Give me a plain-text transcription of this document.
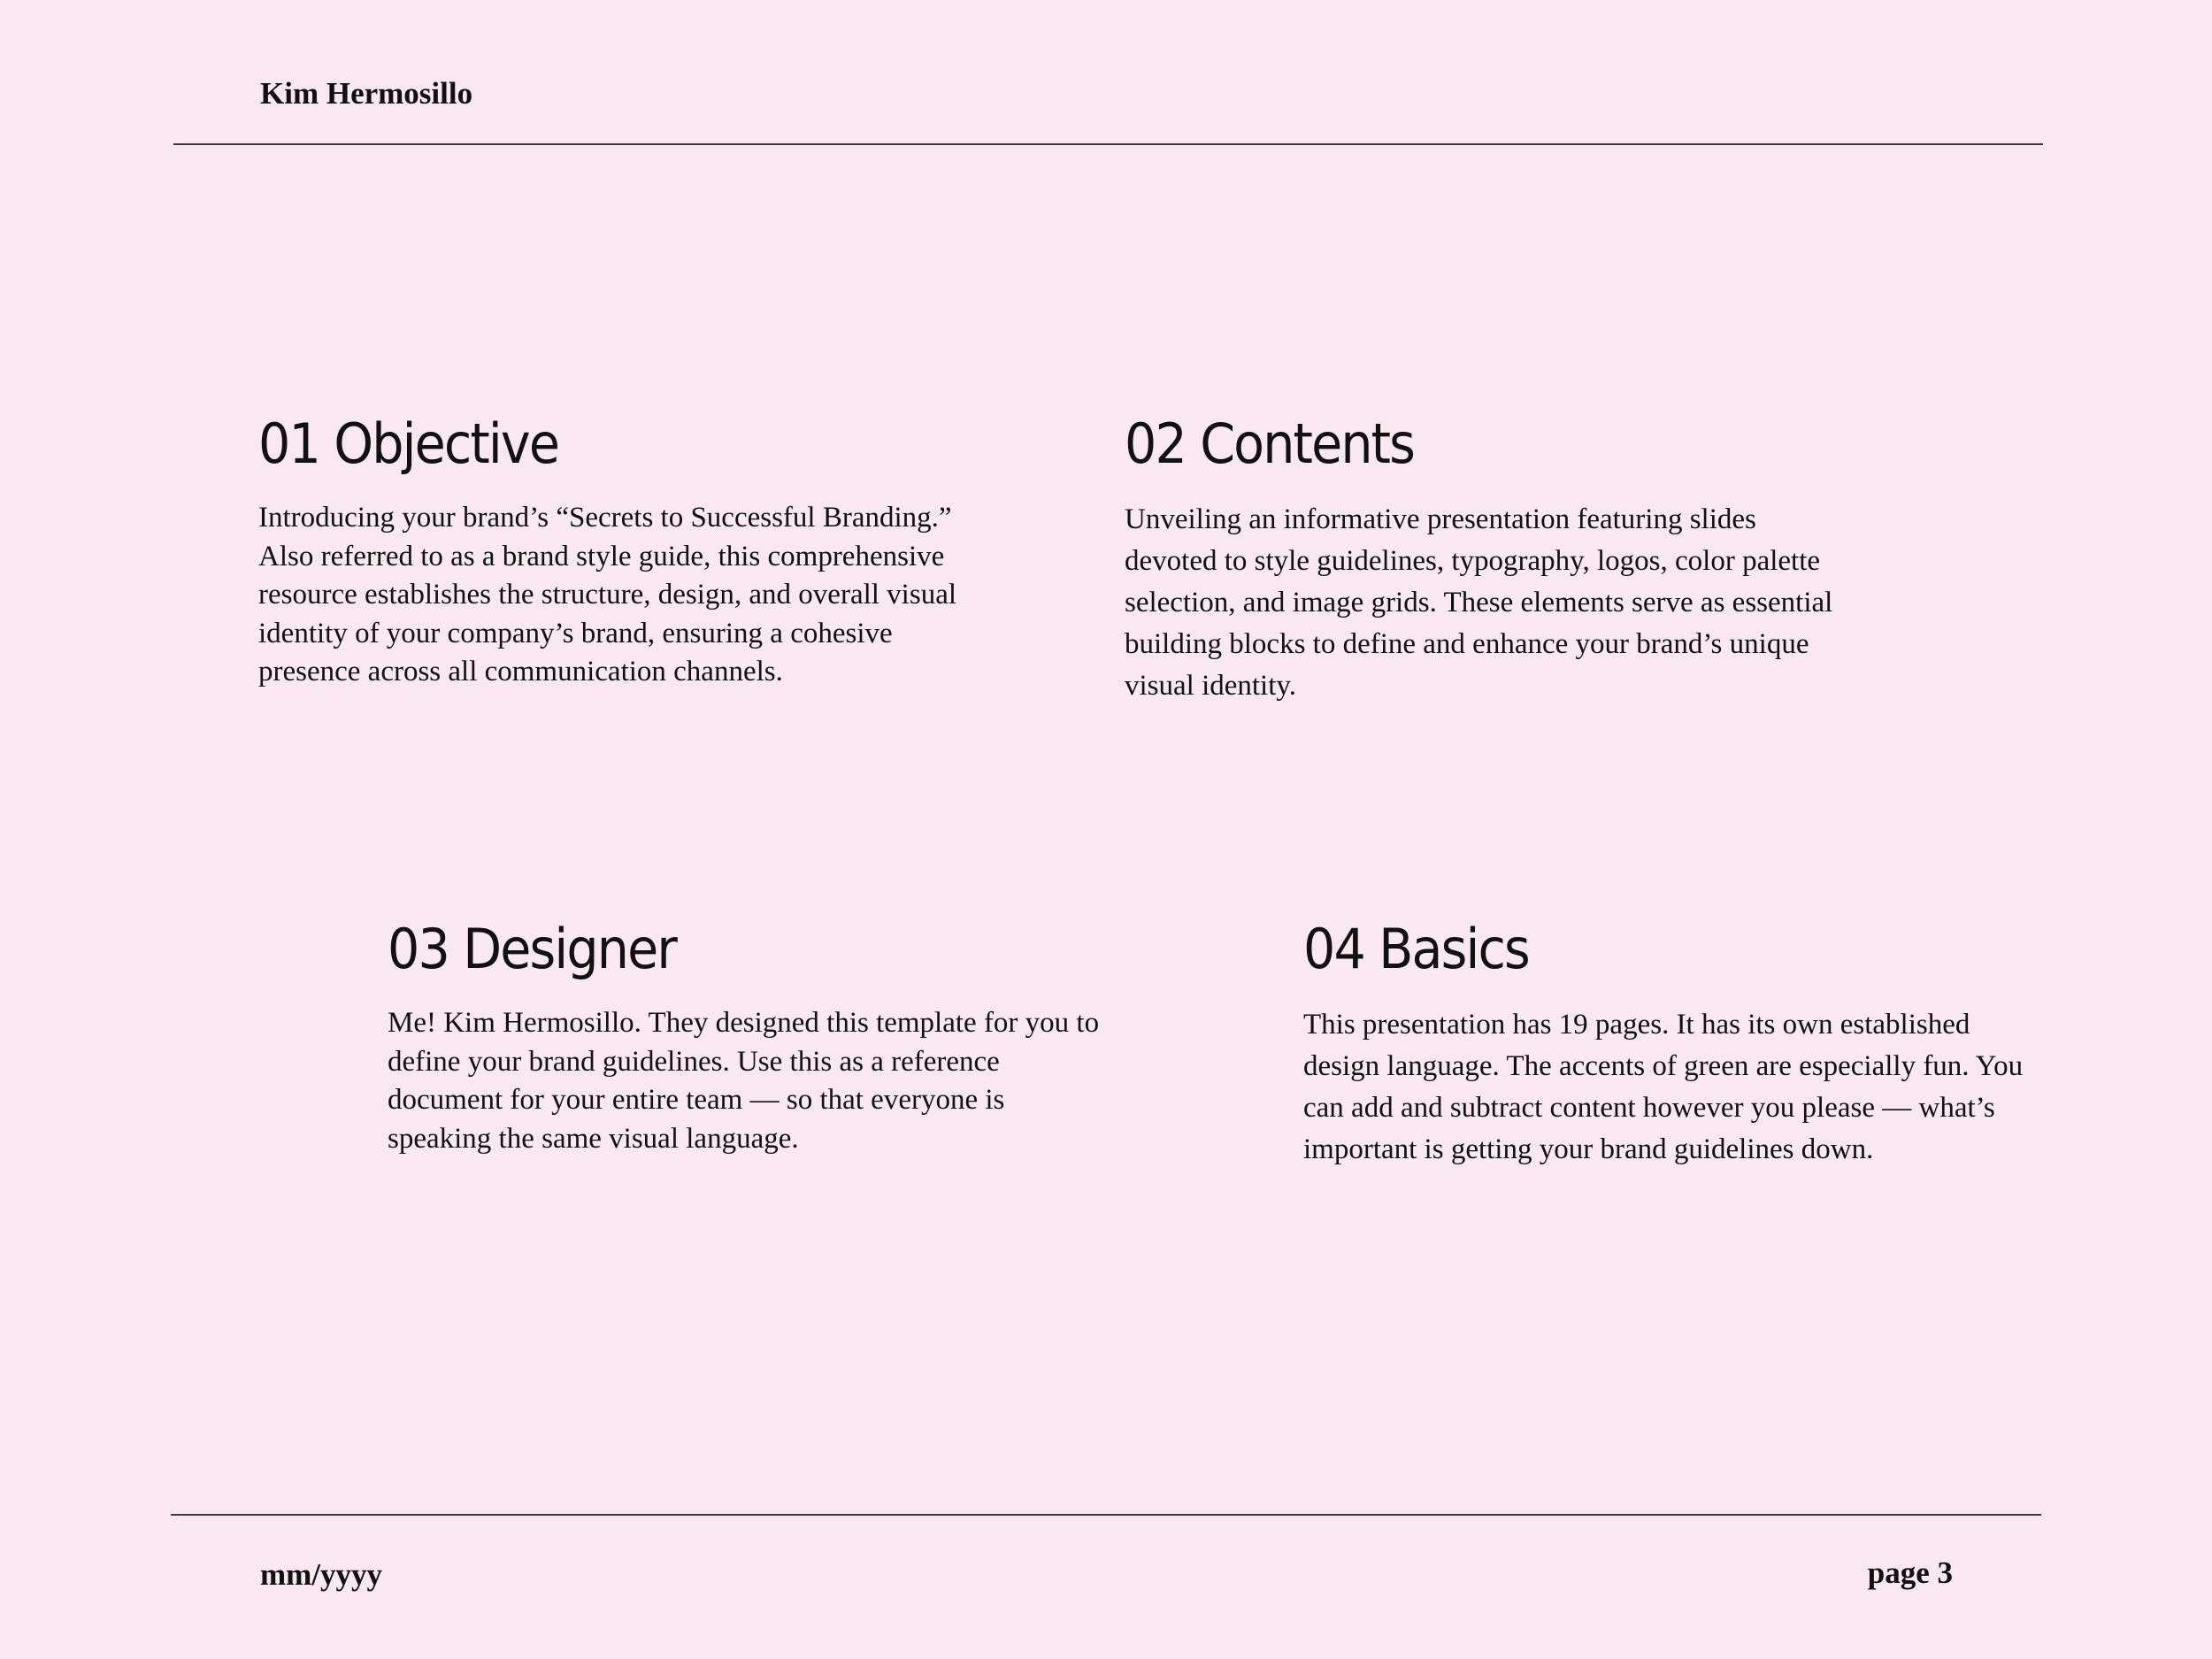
Kim Hermosillo
01 Objective

Introducing your brand’s “Secrets to Successful Branding.” Also referred to as a brand style guide, this comprehensive resource establishes the structure, design, and overall visual identity of your company’s brand, ensuring a cohesive presence across all communication channels.

02 Contents

Unveiling an informative presentation featuring slides devoted to style guidelines, typography, logos, color palette selection, and image grids. These elements serve as essential building blocks to define and enhance your brand’s unique visual identity.

03 Designer

Me! Kim Hermosillo. They designed this template for you to define your brand guidelines. Use this as a reference document for your entire team — so that everyone is speaking the same visual language.

04 Basics

This presentation has 19 pages. It has its own established design language. The accents of green are especially fun. You can add and subtract content however you please — what’s important is getting your brand guidelines down.

mm/yyyy	page 3
